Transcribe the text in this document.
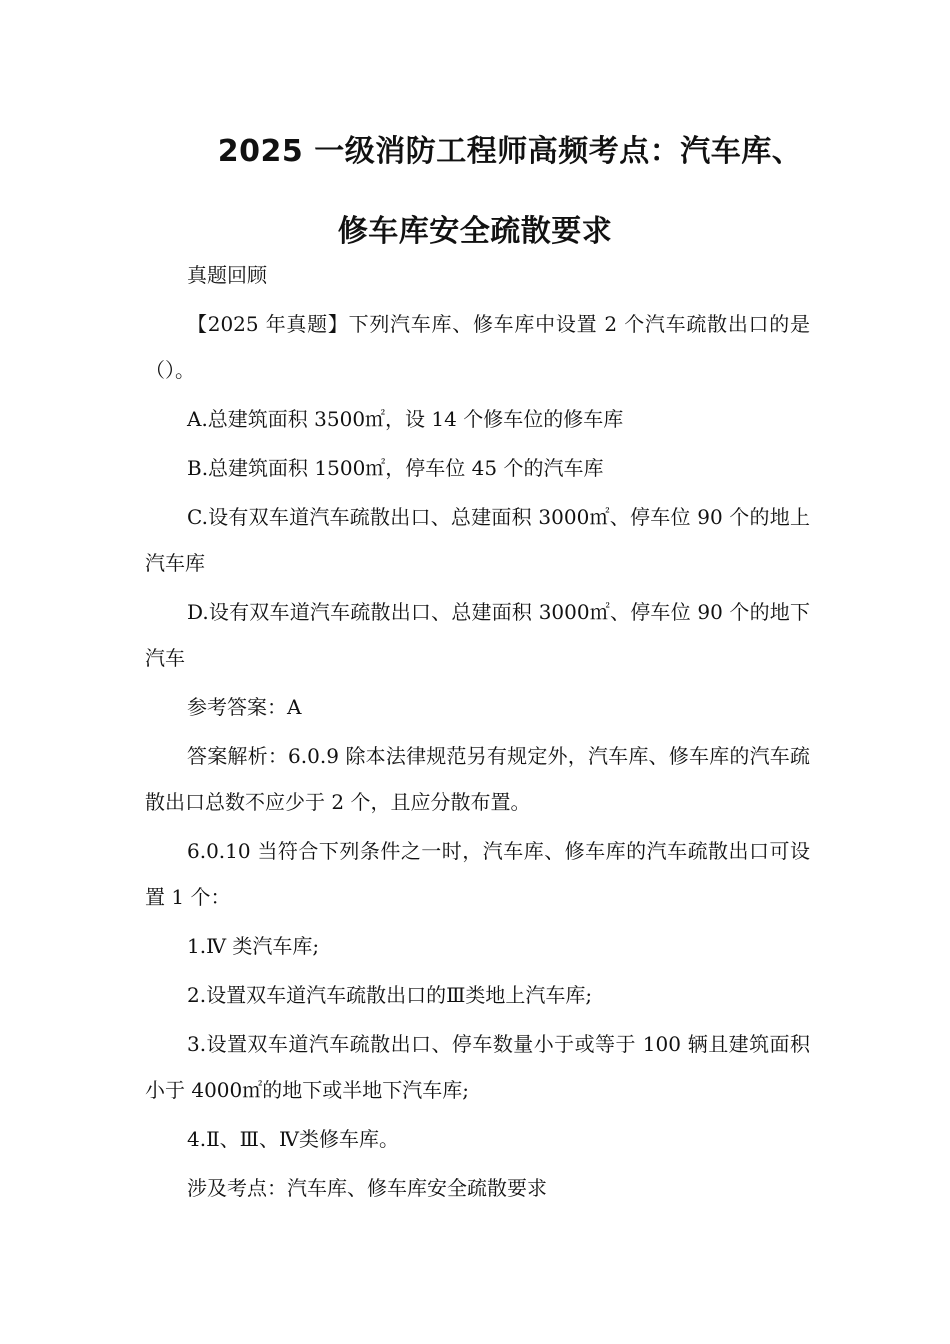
2025 一级消防工程师高频考点：汽车库、
修车库安全疏散要求

真题回顾

【2025 年真题】下列汽车库、修车库中设置 2 个汽车疏散出口的是（）。

A.总建筑面积 3500㎡，设 14 个修车位的修车库

B.总建筑面积 1500㎡，停车位 45 个的汽车库

C.设有双车道汽车疏散出口、总建面积 3000㎡、停车位 90 个的地上汽车库

D.设有双车道汽车疏散出口、总建面积 3000㎡、停车位 90 个的地下汽车

参考答案：A

答案解析：6.0.9 除本法律规范另有规定外，汽车库、修车库的汽车疏散出口总数不应少于 2 个，且应分散布置。

6.0.10 当符合下列条件之一时，汽车库、修车库的汽车疏散出口可设置 1 个：

1.Ⅳ 类汽车库;

2.设置双车道汽车疏散出口的Ⅲ类地上汽车库;

3.设置双车道汽车疏散出口、停车数量小于或等于 100 辆且建筑面积小于 4000㎡的地下或半地下汽车库;

4.Ⅱ、Ⅲ、Ⅳ类修车库。

涉及考点：汽车库、修车库安全疏散要求
